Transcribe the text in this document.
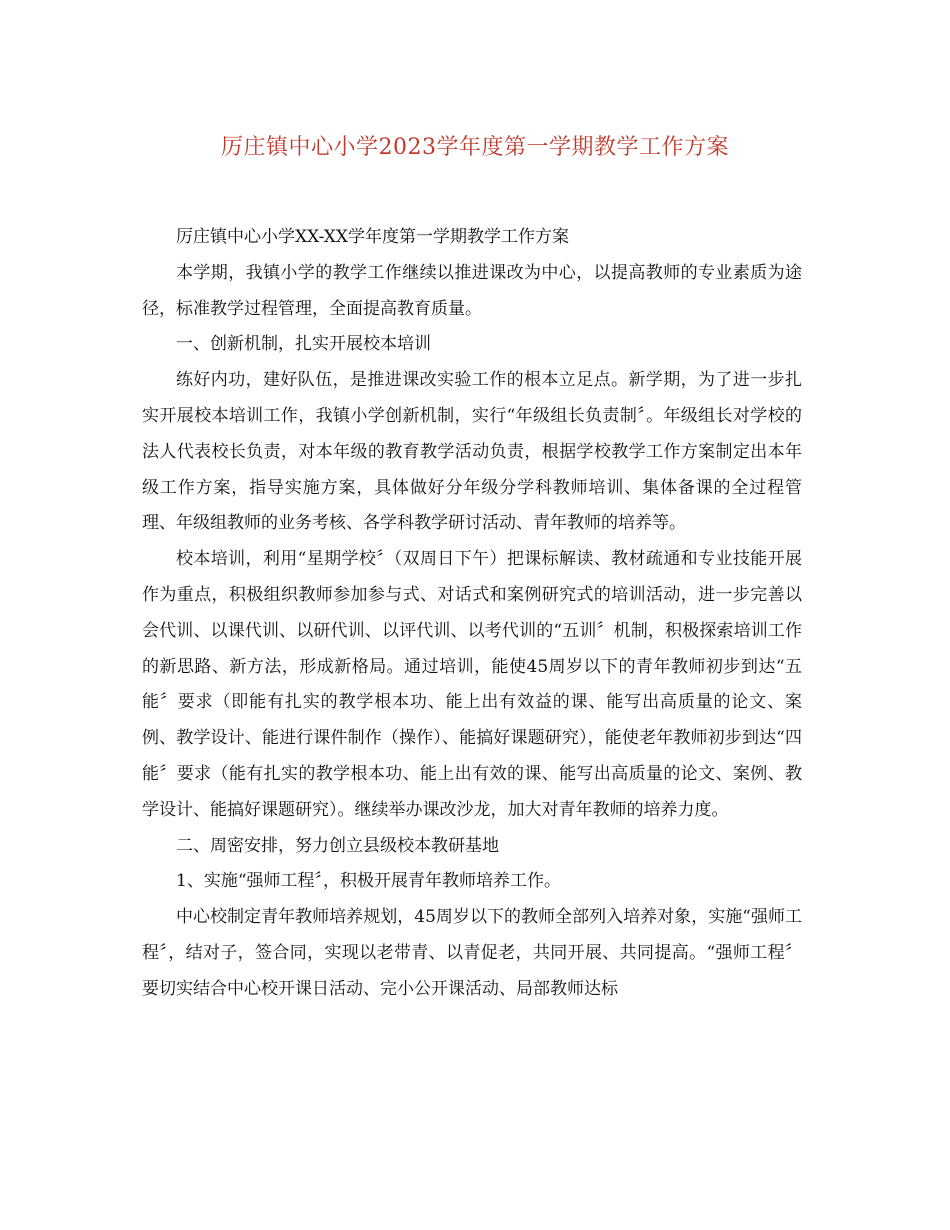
厉庄镇中心小学2023学年度第一学期教学工作方案

厉庄镇中心小学XX-XX学年度第一学期教学工作方案

本学期，我镇小学的教学工作继续以推进课改为中心，以提高教师的专业素质为途径，标准教学过程管理，全面提高教育质量。

一、创新机制，扎实开展校本培训

练好内功，建好队伍，是推进课改实验工作的根本立足点。新学期，为了进一步扎实开展校本培训工作，我镇小学创新机制，实行“年级组长负责制〞。年级组长对学校的法人代表校长负责，对本年级的教育教学活动负责，根据学校教学工作方案制定出本年级工作方案，指导实施方案，具体做好分年级分学科教师培训、集体备课的全过程管理、年级组教师的业务考核、各学科教学研讨活动、青年教师的培养等。

校本培训，利用“星期学校〞（双周日下午）把课标解读、教材疏通和专业技能开展作为重点，积极组织教师参加参与式、对话式和案例研究式的培训活动，进一步完善以会代训、以课代训、以研代训、以评代训、以考代训的“五训〞机制，积极探索培训工作的新思路、新方法，形成新格局。通过培训，能使45周岁以下的青年教师初步到达“五能〞要求（即能有扎实的教学根本功、能上出有效益的课、能写出高质量的论文、案例、教学设计、能进行课件制作（操作）、能搞好课题研究），能使老年教师初步到达“四能〞要求（能有扎实的教学根本功、能上出有效的课、能写出高质量的论文、案例、教学设计、能搞好课题研究）。继续举办课改沙龙，加大对青年教师的培养力度。

二、周密安排，努力创立县级校本教研基地

1、实施“强师工程〞，积极开展青年教师培养工作。

中心校制定青年教师培养规划，45周岁以下的教师全部列入培养对象，实施“强师工程〞，结对子，签合同，实现以老带青、以青促老，共同开展、共同提高。“强师工程〞要切实结合中心校开课日活动、完小公开课活动、局部教师达标
